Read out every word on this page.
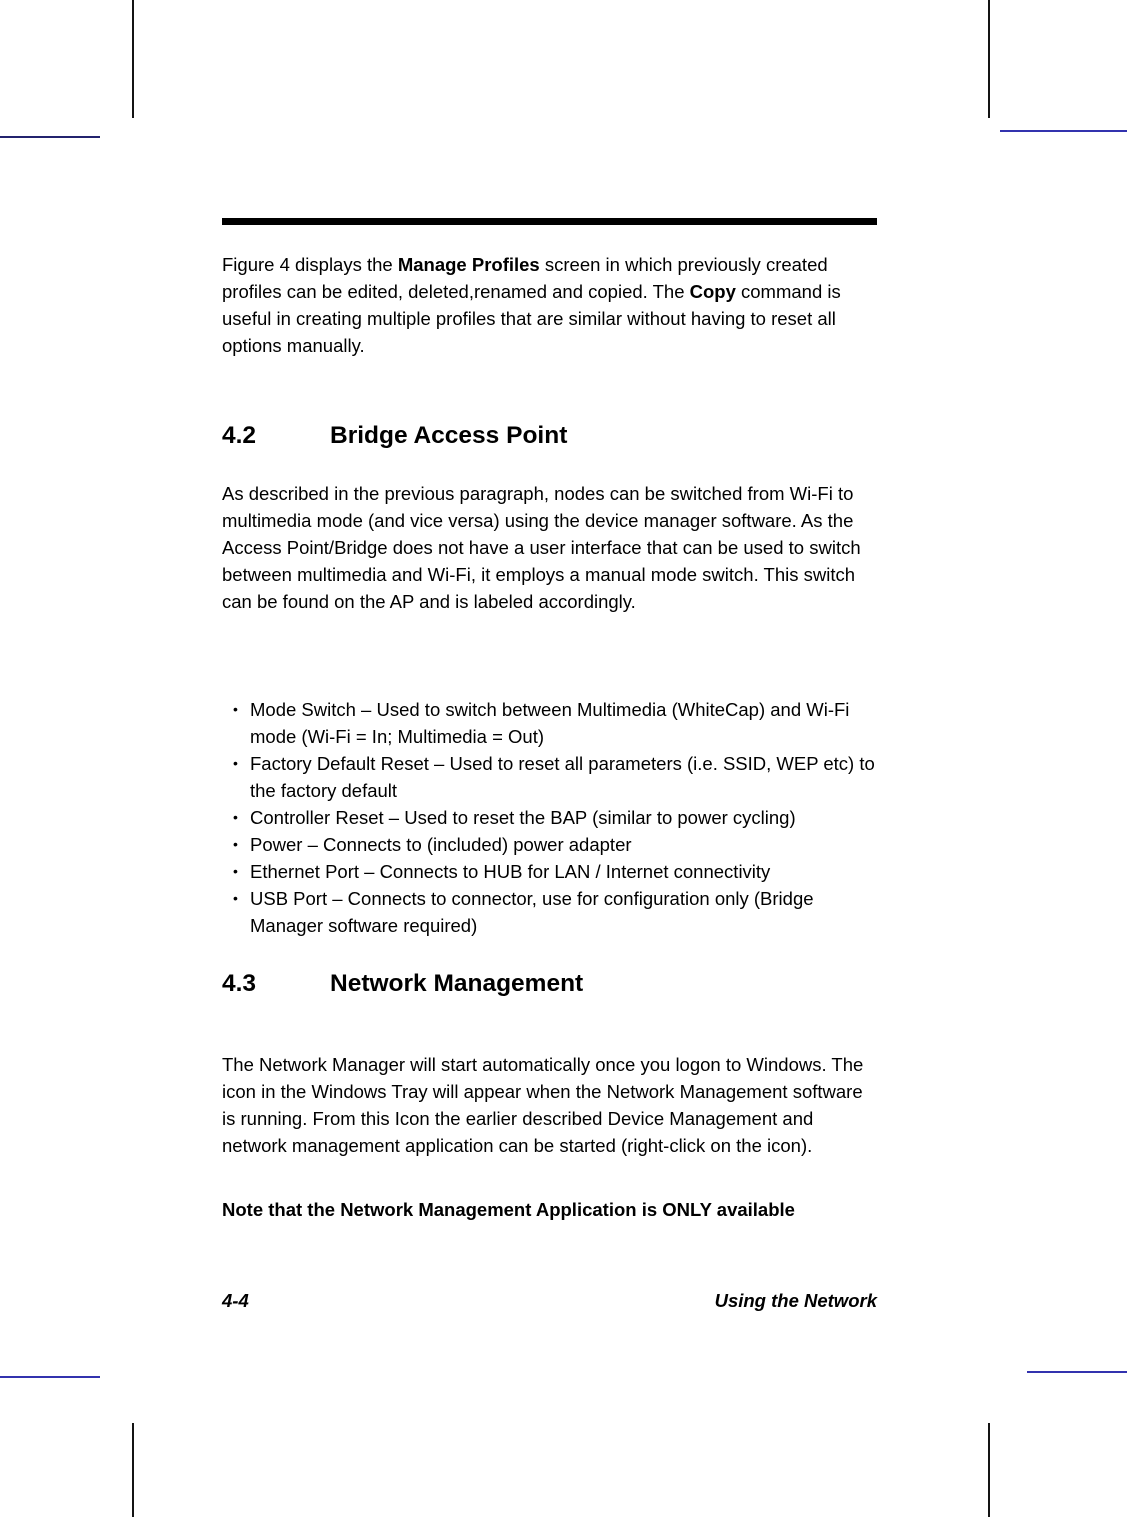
Figure 4 displays the Manage Profiles screen in which previously created profiles can be edited, deleted,renamed and copied. The Copy command is useful in creating multiple profiles that are similar without having to reset all options manually.

4.2	Bridge Access Point

As described in the previous paragraph, nodes can be switched from Wi-Fi to multimedia mode (and vice versa) using the device manager software. As the Access Point/Bridge does not have a user interface that can be used to switch between multimedia and Wi-Fi, it employs a manual mode switch. This switch can be found on the AP and is labeled accordingly.

• Mode Switch – Used to switch between Multimedia (WhiteCap) and Wi-Fi mode (Wi-Fi = In; Multimedia = Out)
• Factory Default Reset – Used to reset all parameters (i.e. SSID, WEP etc) to the factory default
• Controller Reset – Used to reset the BAP (similar to power cycling)
• Power – Connects to (included) power adapter
• Ethernet Port – Connects to HUB for LAN / Internet connectivity
• USB Port – Connects to connector, use for configuration only (Bridge Manager software required)
4.3	Network Management

The Network Manager will start automatically once you logon to Windows. The icon in the Windows Tray will appear when the Network Management software is running. From this Icon the earlier described Device Management and network management application can be started (right-click on the icon).

Note that the Network Management Application is ONLY available

4-4	Using the Network
